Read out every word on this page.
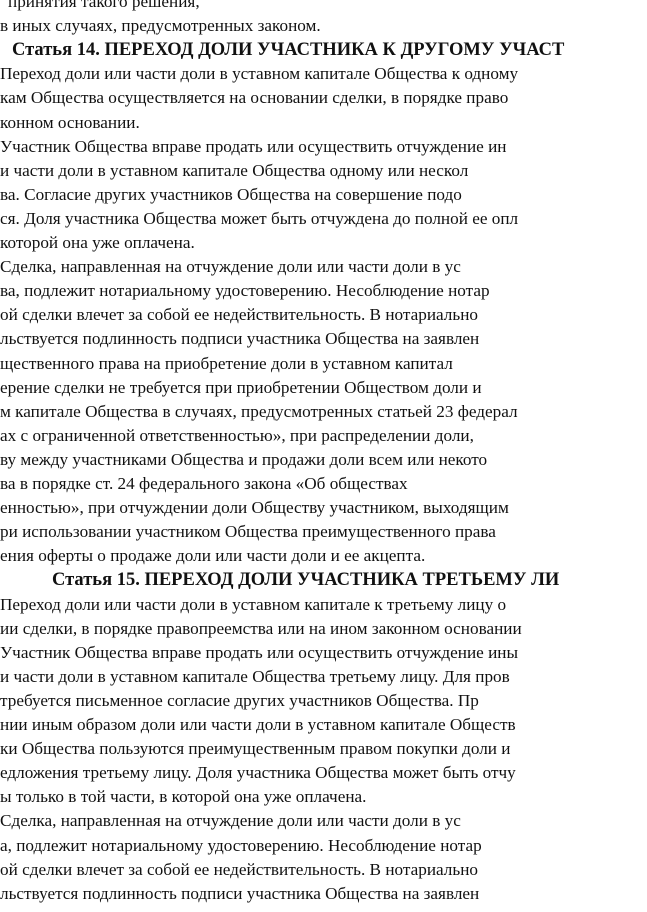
принятия такого решения,
в иных случаях, предусмотренных законом.
Статья 14. ПЕРЕХОД ДОЛИ УЧАСТНИКА К ДРУГОМУ УЧАСТ
Переход доли или части доли в уставном капитале Общества к одному
кам Общества осуществляется на основании сделки, в порядке право
конном основании.
Участник Общества вправе продать или осуществить отчуждение ин
и части доли в уставном капитале Общества одному или нескол
ва. Согласие других участников Общества на совершение подо
ся. Доля участника Общества может быть отчуждена до полной ее опл
которой она уже оплачена.
Сделка, направленная на отчуждение доли или части доли в ус
ва, подлежит нотариальному удостоверению. Несоблюдение нотар
ой сделки влечет за собой ее недействительность. В нотариально
льствуется подлинность подписи участника Общества на заявлен
щественного права на приобретение доли в уставном капитал
ерение сделки не требуется при приобретении Обществом доли и
м капитале Общества в случаях, предусмотренных статьей 23 федерал
ах с ограниченной ответственностью», при распределении доли,
ву между участниками Общества и продажи доли всем или некото
ва в порядке ст. 24 федерального закона «Об обществах
енностью», при отчуждении доли Обществу участником, выходящим
ри использовании участником Общества преимущественного права
ения оферты о продаже доли или части доли и ее акцепта.
Статья 15. ПЕРЕХОД ДОЛИ УЧАСТНИКА ТРЕТЬЕМУ ЛИ
Переход доли или части доли в уставном капитале к третьему лицу о
ии сделки, в порядке правопреемства или на ином законном основании
Участник Общества вправе продать или осуществить отчуждение ины
и части доли в уставном капитале Общества третьему лицу. Для пров
требуется письменное согласие других участников Общества. Пр
нии иным образом доли или части доли в уставном капитале Обществ
ки Общества пользуются преимущественным правом покупки доли и
едложения третьему лицу. Доля участника Общества может быть отчу
ы только в той части, в которой она уже оплачена.
Сделка, направленная на отчуждение доли или части доли в ус
а, подлежит нотариальному удостоверению. Несоблюдение нотар
ой сделки влечет за собой ее недействительность. В нотариально
льствуется подлинность подписи участника Общества на заявлен
